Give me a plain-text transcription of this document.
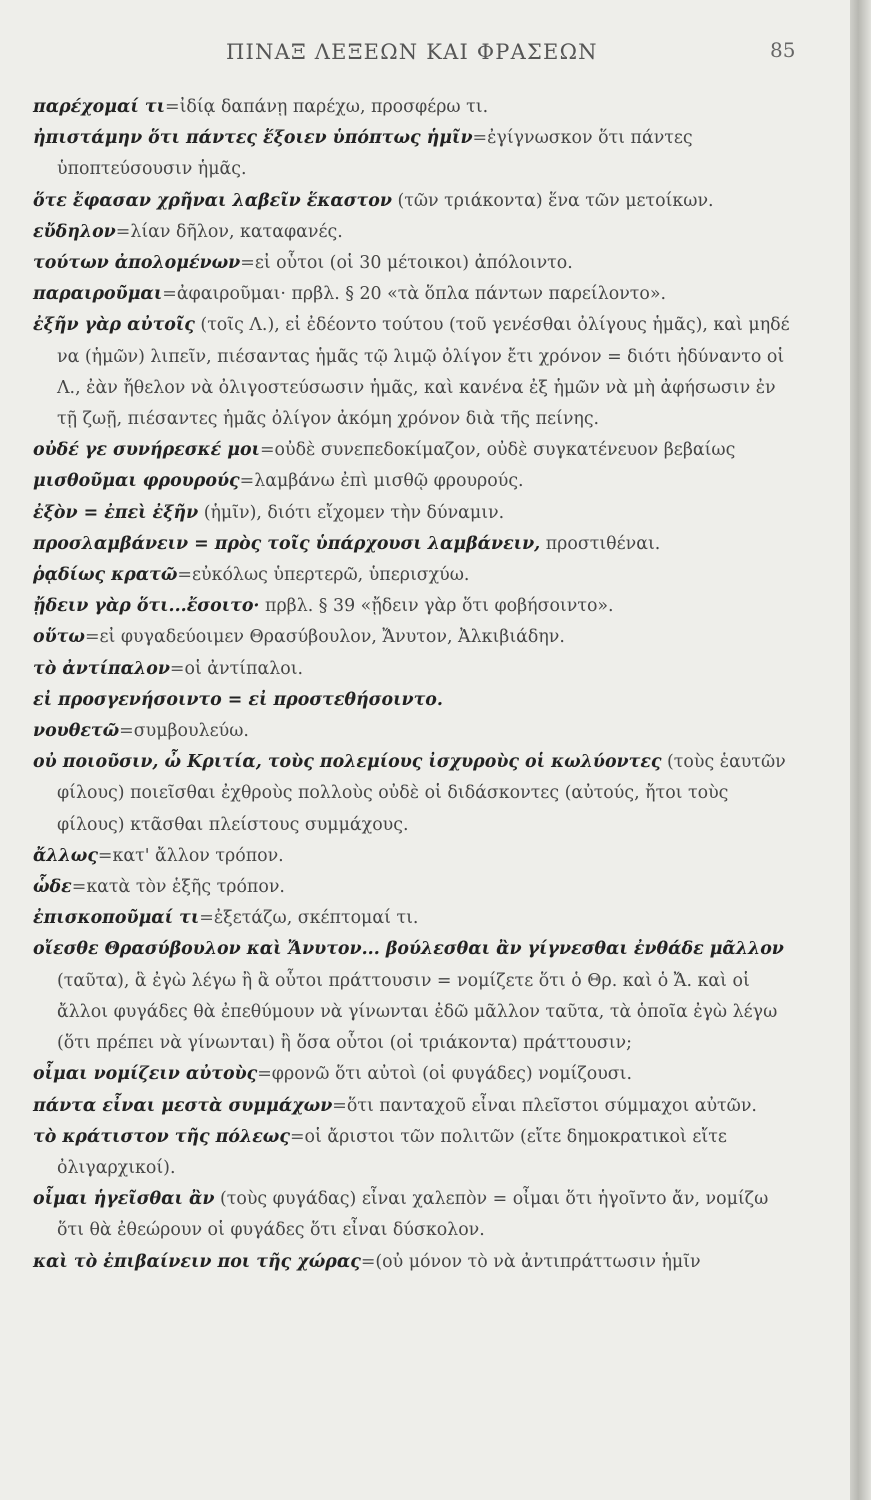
ΠΙΝΑΞ ΛΕΞΕΩΝ ΚΑΙ ΦΡΑΣΕΩΝ	85
παρέχομαί τι=ἰδίᾳ δαπάνῃ παρέχω, προσφέρω τι.
ἠπιστάμην ὅτι πάντες ἕξοιεν ὑπόπτως ἡμῖν=ἐγίγνωσκον ὅτι πάντες ὑποπτεύσουσιν ἡμᾶς.
ὅτε ἔφασαν χρῆναι λαβεῖν ἕκαστον (τῶν τριάκοντα) ἕνα τῶν μετοίκων.
εὔδηλον=λίαν δῆλον, καταφανές.
τούτων ἀπολομένων=εἰ οὗτοι (οἱ 30 μέτοικοι) ἀπόλοιντο.
παραιροῦμαι=ἀφαιροῦμαι· πρβλ. § 20 «τὰ ὅπλα πάντων παρείλοντο».
ἐξῆν γὰρ αὐτοῖς (τοῖς Λ.), εἰ ἐδέοντο τούτου (τοῦ γενέσθαι ὀλίγους ἡμᾶς), καὶ μηδέ να (ἡμῶν) λιπεῖν, πιέσαντας ἡμᾶς τῷ λιμῷ ὀλίγον ἔτι χρόνον = διότι ἠδύναντο οἱ Λ., ἐὰν ἤθελον νὰ ὀλιγοστεύσωσιν ἡμᾶς, καὶ κανένα ἐξ ἡμῶν νὰ μὴ ἀφήσωσιν ἐν τῇ ζωῇ, πιέσαντες ἡμᾶς ὀλίγον ἀκόμη χρόνον διὰ τῆς πείνης.
οὐδέ γε συνήρεσκέ μοι=οὐδὲ συνεπεδοκίμαζον, οὐδὲ συγκατένευον βεβαίως
μισθοῦμαι φρουρούς=λαμβάνω ἐπὶ μισθῷ φρουρούς.
ἐξὸν = ἐπεὶ ἐξῆν (ἡμῖν), διότι εἴχομεν τὴν δύναμιν.
προσλαμβάνειν = πρὸς τοῖς ὑπάρχουσι λαμβάνειν, προστιθέναι.
ῥᾳδίως κρατῶ=εὐκόλως ὑπερτερῶ, ὑπερισχύω.
ᾔδειν γὰρ ὅτι...ἔσοιτο· πρβλ. § 39 «ᾔδειν γὰρ ὅτι φοβήσοιντο».
οὕτω=εἰ φυγαδεύοιμεν Θρασύβουλον, Ἄνυτον, Ἀλκιβιάδην.
τὸ ἀντίπαλον=οἱ ἀντίπαλοι.
εἰ προσγενήσοιντο = εἰ προστεθήσοιντο.
νουθετῶ=συμβουλεύω.
οὐ ποιοῦσιν, ὦ Κριτία, τοὺς πολεμίους ἰσχυροὺς οἱ κωλύοντες (τοὺς ἑαυτῶν φίλους) ποιεῖσθαι ἐχθροὺς πολλοὺς οὐδὲ οἱ διδάσκοντες (αὐτούς, ἤτοι τοὺς φίλους) κτᾶσθαι πλείστους συμμάχους.
ἄλλως=κατ' ἄλλον τρόπον.
ὧδε=κατὰ τὸν ἑξῆς τρόπον.
ἐπισκοποῦμαί τι=ἐξετάζω, σκέπτομαί τι.
οἴεσθε Θρασύβουλον καὶ Ἄνυτον... βούλεσθαι ἂν γίγνεσθαι ἐνθάδε μᾶλλον (ταῦτα), ἃ ἐγὼ λέγω ἢ ἃ οὗτοι πράττουσιν = νομίζετε ὅτι ὁ Θρ. καὶ ὁ Ἄ. καὶ οἱ ἄλλοι φυγάδες θὰ ἐπεθύμουν νὰ γίνωνται ἐδῶ μᾶλλον ταῦτα, τὰ ὁποῖα ἐγὼ λέγω (ὅτι πρέπει νὰ γίνωνται) ἢ ὅσα οὗτοι (οἱ τριάκοντα) πράττουσιν;
οἶμαι νομίζειν αὐτοὺς=φρονῶ ὅτι αὐτοὶ (οἱ φυγάδες) νομίζουσι.
πάντα εἶναι μεστὰ συμμάχων=ὅτι πανταχοῦ εἶναι πλεῖστοι σύμμαχοι αὐτῶν.
τὸ κράτιστον τῆς πόλεως=οἱ ἄριστοι τῶν πολιτῶν (εἴτε δημοκρατικοὶ εἴτε ὀλιγαρχικοί).
οἶμαι ἡγεῖσθαι ἂν (τοὺς φυγάδας) εἶναι χαλεπὸν = οἶμαι ὅτι ἡγοῖντο ἄν, νομίζω ὅτι θὰ ἐθεώρουν οἱ φυγάδες ὅτι εἶναι δύσκολον.
καὶ τὸ ἐπιβαίνειν ποι τῆς χώρας=(οὐ μόνον τὸ νὰ ἀντιπράττωσιν ἡμῖν
